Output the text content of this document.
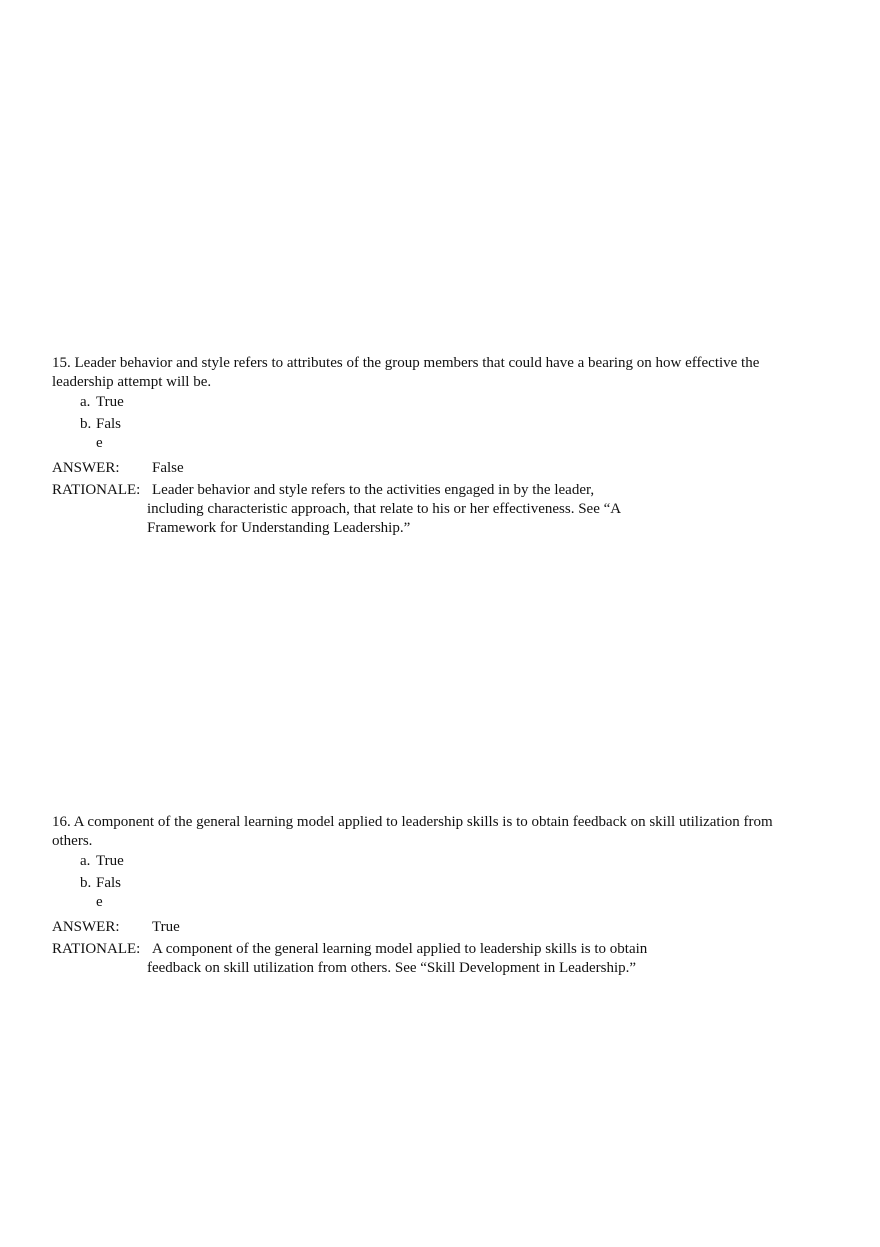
15. Leader behavior and style refers to attributes of the group members that could have a bearing on how effective the
leadership attempt will be.

a. True
b. Fals
e
ANSWER: False
RATIONALE: Leader behavior and style refers to the activities engaged in by the leader,
including characteristic approach, that relate to his or her effectiveness. See “A
Framework for Understanding Leadership.”

16. A component of the general learning model applied to leadership skills is to obtain feedback on skill utilization from
others.

a. True
b. Fals
e
ANSWER: True
RATIONALE: A component of the general learning model applied to leadership skills is to obtain
feedback on skill utilization from others. See “Skill Development in Leadership.”
